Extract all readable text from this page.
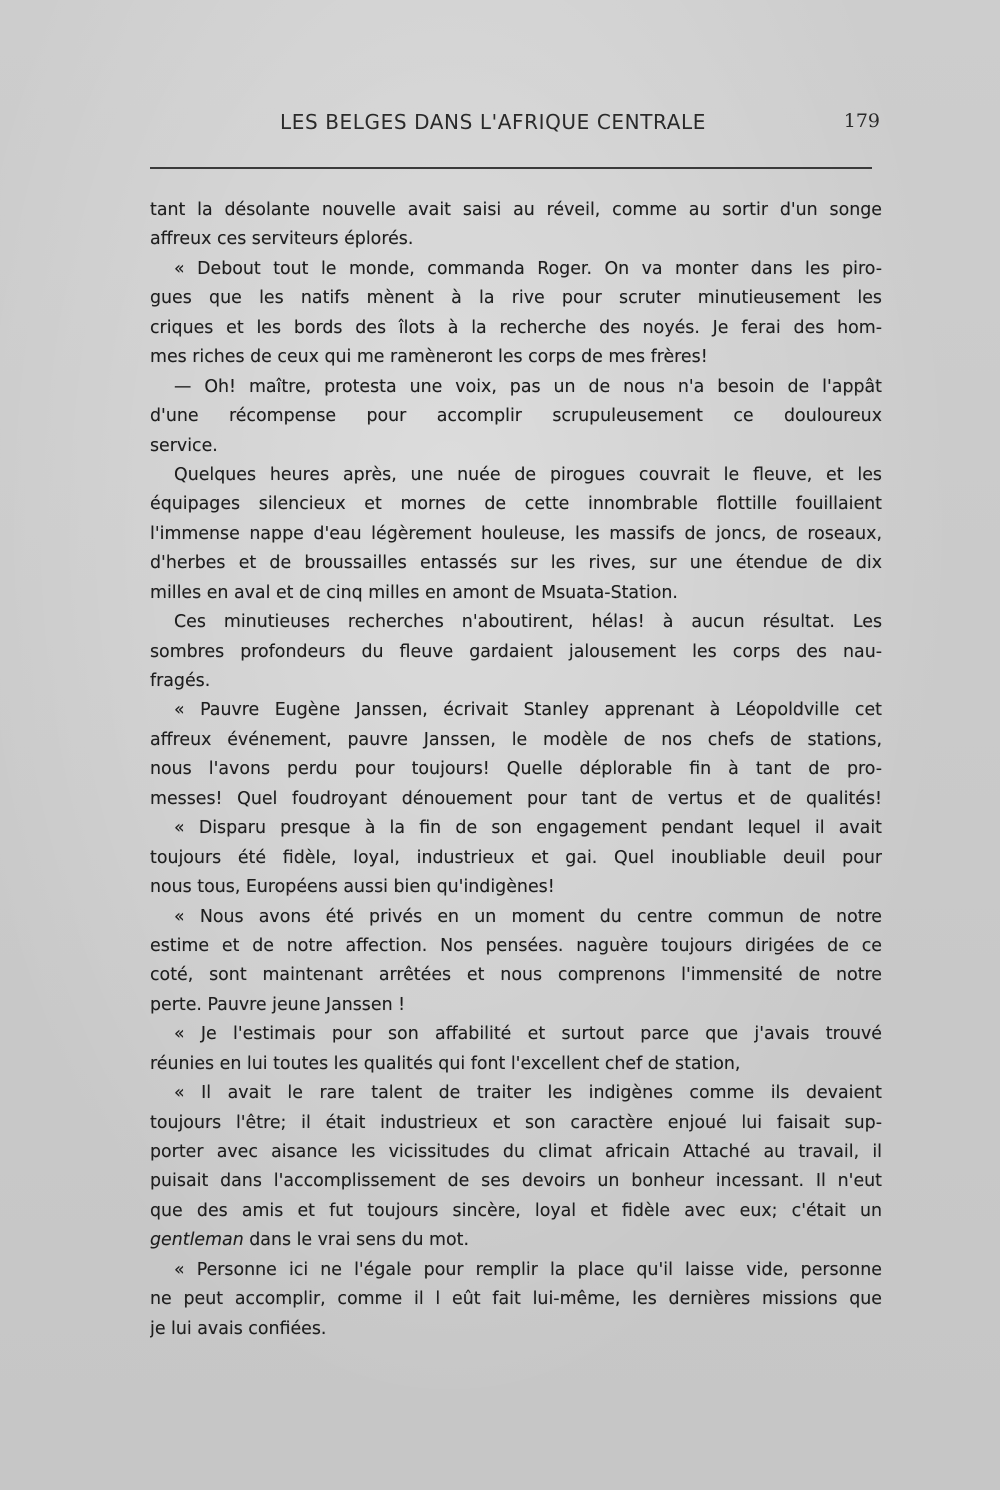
LES BELGES DANS L'AFRIQUE CENTRALE	179
tant la désolante nouvelle avait saisi au réveil, comme au sortir d'un songe
affreux ces serviteurs éplorés.
« Debout tout le monde, commanda Roger. On va monter dans les piro-
gues que les natifs mènent à la rive pour scruter minutieusement les
criques et les bords des îlots à la recherche des noyés. Je ferai des hom-
mes riches de ceux qui me ramèneront les corps de mes frères!
— Oh! maître, protesta une voix, pas un de nous n'a besoin de l'appât
d'une récompense pour accomplir scrupuleusement ce douloureux
service.
Quelques heures après, une nuée de pirogues couvrait le fleuve, et les
équipages silencieux et mornes de cette innombrable flottille fouillaient
l'immense nappe d'eau légèrement houleuse, les massifs de joncs, de roseaux,
d'herbes et de broussailles entassés sur les rives, sur une étendue de dix
milles en aval et de cinq milles en amont de Msuata-Station.
Ces minutieuses recherches n'aboutirent, hélas! à aucun résultat. Les
sombres profondeurs du fleuve gardaient jalousement les corps des nau-
fragés.
« Pauvre Eugène Janssen, écrivait Stanley apprenant à Léopoldville cet
affreux événement, pauvre Janssen, le modèle de nos chefs de stations,
nous l'avons perdu pour toujours! Quelle déplorable fin à tant de pro-
messes! Quel foudroyant dénouement pour tant de vertus et de qualités!
« Disparu presque à la fin de son engagement pendant lequel il avait
toujours été fidèle, loyal, industrieux et gai. Quel inoubliable deuil pour
nous tous, Européens aussi bien qu'indigènes!
« Nous avons été privés en un moment du centre commun de notre
estime et de notre affection. Nos pensées. naguère toujours dirigées de ce
coté, sont maintenant arrêtées et nous comprenons l'immensité de notre
perte. Pauvre jeune Janssen !
« Je l'estimais pour son affabilité et surtout parce que j'avais trouvé
réunies en lui toutes les qualités qui font l'excellent chef de station,
« Il avait le rare talent de traiter les indigènes comme ils devaient
toujours l'être; il était industrieux et son caractère enjoué lui faisait sup-
porter avec aisance les vicissitudes du climat africain Attaché au travail, il
puisait dans l'accomplissement de ses devoirs un bonheur incessant. Il n'eut
que des amis et fut toujours sincère, loyal et fidèle avec eux; c'était un
gentleman dans le vrai sens du mot.
« Personne ici ne l'égale pour remplir la place qu'il laisse vide, personne
ne peut accomplir, comme il l eût fait lui-même, les dernières missions que
je lui avais confiées.
